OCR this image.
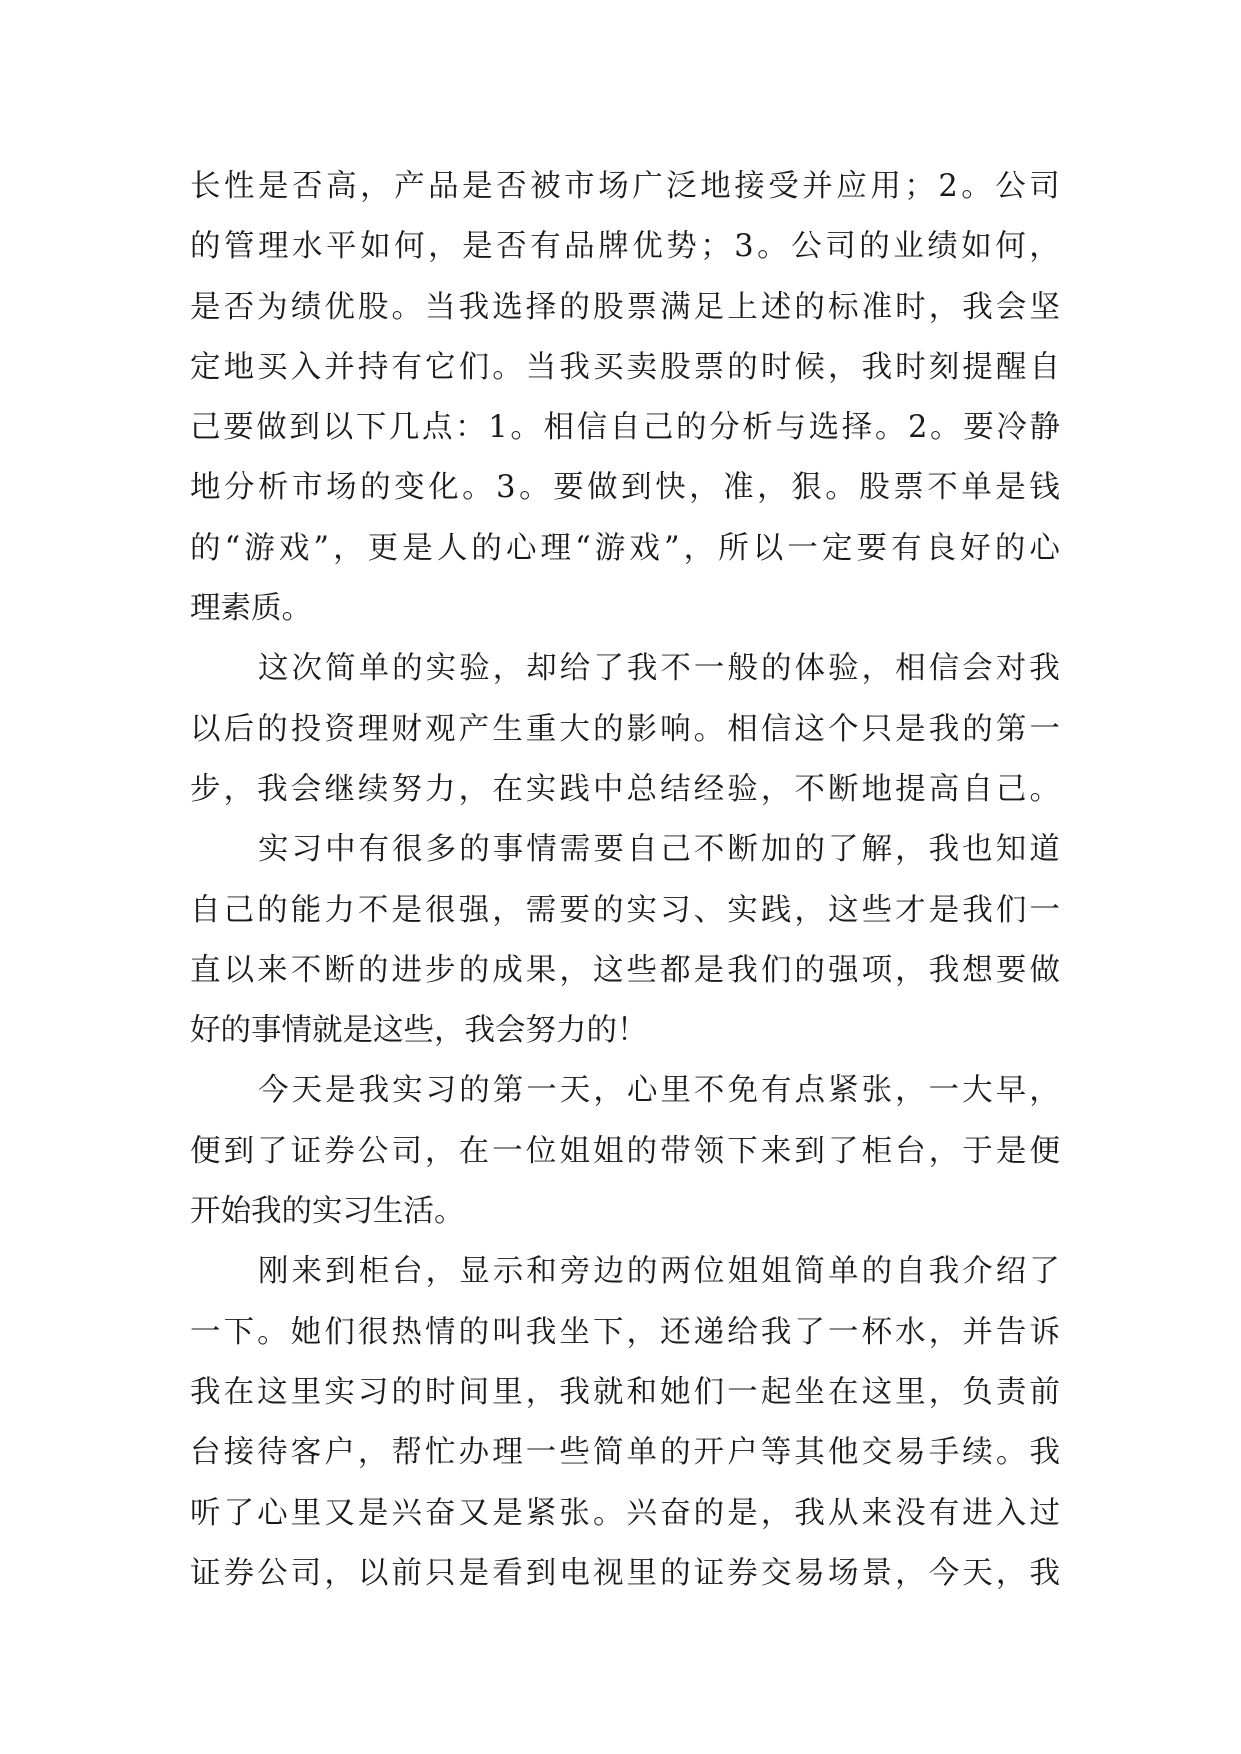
长 性 是 否 高 ， 产 品 是 否 被 市 场 广 泛 地 接 受 并 应 用 ； 2 。 公 司
的 管 理 水 平 如 何 ， 是 否 有 品 牌 优 势 ； 3 。 公 司 的 业 绩 如 何 ，
是 否 为 绩 优 股 。 当 我 选 择 的 股 票 满 足 上 述 的 标 准 时 ， 我 会 坚
定 地 买 入 并 持 有 它 们 。 当 我 买 卖 股 票 的 时 候 ， 我 时 刻 提 醒 自
己 要 做 到 以 下 几 点 ： 1 。 相 信 自 己 的 分 析 与 选 择 。 2 。 要 冷 静
地 分 析 市 场 的 变 化 。 3 。 要 做 到 快 ， 准 ， 狠 。 股 票 不 单 是 钱
的 “ 游 戏 ” ， 更 是 人 的 心 理 “ 游 戏 ” ， 所 以 一 定 要 有 良 好 的 心
理 素 质 。
这 次 简 单 的 实 验 ， 却 给 了 我 不 一 般 的 体 验 ， 相 信 会 对 我
以 后 的 投 资 理 财 观 产 生 重 大 的 影 响 。 相 信 这 个 只 是 我 的 第 一
步 ， 我 会 继 续 努 力 ， 在 实 践 中 总 结 经 验 ， 不 断 地 提 高 自 己 。
实 习 中 有 很 多 的 事 情 需 要 自 己 不 断 加 的 了 解 ， 我 也 知 道
自 己 的 能 力 不 是 很 强 ， 需 要 的 实 习 、 实 践 ， 这 些 才 是 我 们 一
直 以 来 不 断 的 进 步 的 成 果 ， 这 些 都 是 我 们 的 强 项 ， 我 想 要 做
好 的 事 情 就 是 这 些 ， 我 会 努 力 的 ！
今 天 是 我 实 习 的 第 一 天 ， 心 里 不 免 有 点 紧 张 ， 一 大 早 ，
便 到 了 证 券 公 司 ， 在 一 位 姐 姐 的 带 领 下 来 到 了 柜 台 ， 于 是 便
开 始 我 的 实 习 生 活 。
刚 来 到 柜 台 ， 显 示 和 旁 边 的 两 位 姐 姐 简 单 的 自 我 介 绍 了
一 下 。 她 们 很 热 情 的 叫 我 坐 下 ， 还 递 给 我 了 一 杯 水 ， 并 告 诉
我 在 这 里 实 习 的 时 间 里 ， 我 就 和 她 们 一 起 坐 在 这 里 ， 负 责 前
台 接 待 客 户 ， 帮 忙 办 理 一 些 简 单 的 开 户 等 其 他 交 易 手 续 。 我
听 了 心 里 又 是 兴 奋 又 是 紧 张 。 兴 奋 的 是 ， 我 从 来 没 有 进 入 过
证 券 公 司 ， 以 前 只 是 看 到 电 视 里 的 证 券 交 易 场 景 ， 今 天 ， 我
